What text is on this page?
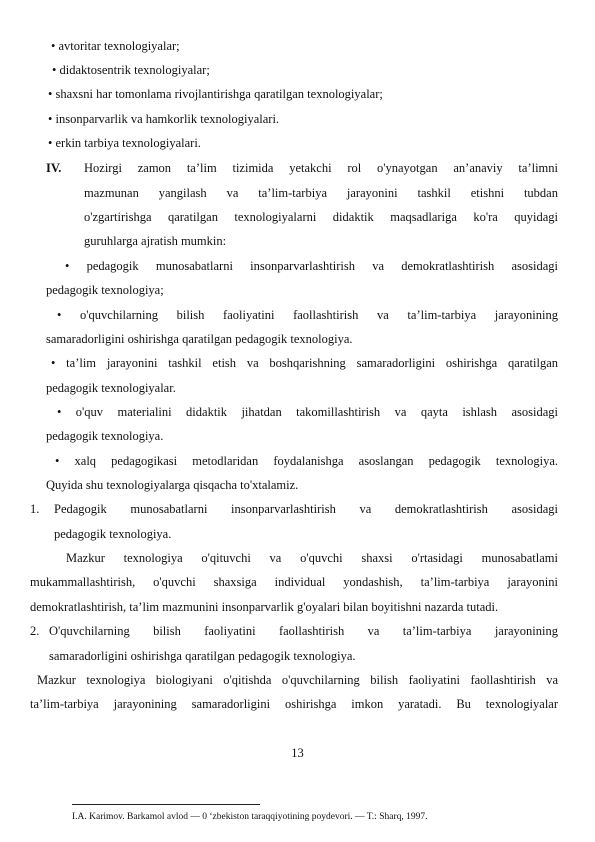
• avtoritar texnologiyalar;
• didaktosentrik texnologiyalar;
• shaxsni har tomonlama rivojlantirishga qaratilgan texnologiyalar;
• insonparvarlik va hamkorlik texnologiyalari.
• erkin tarbiya texnologiyalari.
IV. Hozirgi zamon ta’lim tizimida yetakchi rol o'ynayotgan an’anaviy ta’limni
mazmunan yangilash va ta’lim-tarbiya jarayonini tashkil etishni tubdan
o'zgartirishga qaratilgan texnologiyalarni didaktik maqsadlariga ko'ra quyidagi
guruhlarga ajratish mumkin:
• pedagogik munosabatlarni insonparvarlashtirish va demokratlashtirish asosidagi
pedagogik texnologiya;
• o'quvchilarning bilish faoliyatini faollashtirish va ta’lim-tarbiya jarayonining
samaradorligini oshirishga qaratilgan pedagogik texnologiya.
• ta’lim jarayonini tashkil etish va boshqarishning samaradorligini oshirishga qaratilgan
pedagogik texnologiyalar.
• o'quv materialini didaktik jihatdan takomillashtirish va qayta ishlash asosidagi
pedagogik texnologiya.
• xalq pedagogikasi metodlaridan foydalanishga asoslangan pedagogik texnologiya.
Quyida shu texnologiyalarga qisqacha to'xtalamiz.
1. Pedagogik munosabatlarni insonparvarlashtirish va demokratlashtirish asosidagi
pedagogik texnologiya.
Mazkur texnologiya o'qituvchi va o'quvchi shaxsi o'rtasidagi munosabatlami
mukammallashtirish, o'quvchi shaxsiga individual yondashish, ta’lim-tarbiya jarayonini
demokratlashtirish, ta’lim mazmunini insonparvarlik g'oyalari bilan boyitishni nazarda tutadi.
2. O'quvchilarning bilish faoliyatini faollashtirish va ta’lim-tarbiya jarayonining
samaradorligini oshirishga qaratilgan pedagogik texnologiya.
Mazkur texnologiya biologiyani o'qitishda o'quvchilarning bilish faoliyatini faollashtirish va
ta’lim-tarbiya jarayonining samaradorligini oshirishga imkon yaratadi. Bu texnologiyalar
13
I.A. Karimov. Barkamol avlod — 0 ‘zbekiston taraqqiyotining poydevori. — T.: Sharq, 1997.
